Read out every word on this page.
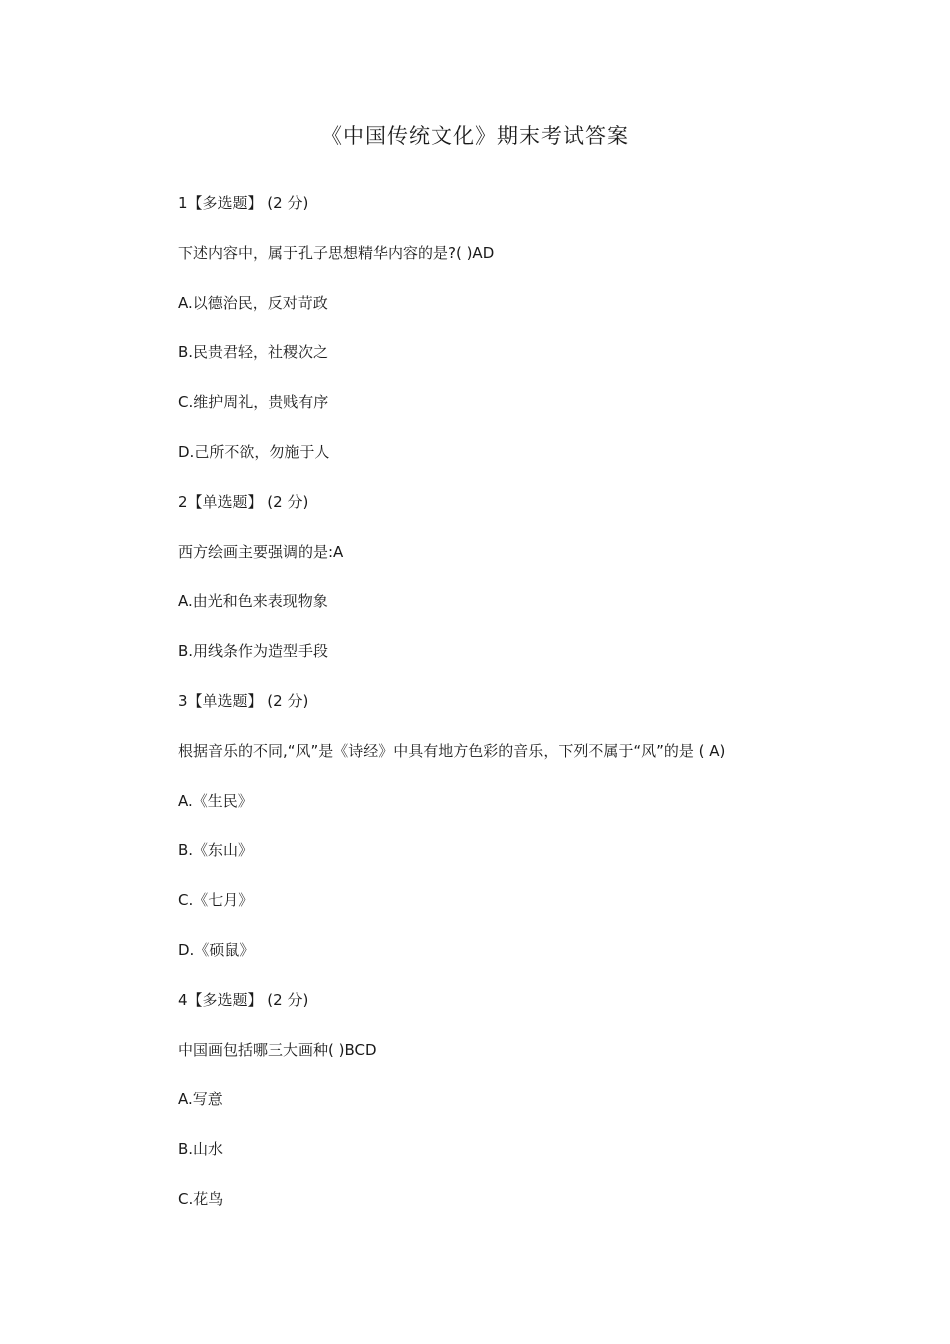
《中国传统文化》期末考试答案
1【多选题】 (2 分)
下述内容中，属于孔子思想精华内容的是?( )AD
A.以德治民，反对苛政
B.民贵君轻，社稷次之
C.维护周礼，贵贱有序
D.己所不欲，勿施于人
2【单选题】 (2 分)
西方绘画主要强调的是:A
A.由光和色来表现物象
B.用线条作为造型手段
3【单选题】 (2 分)
根据音乐的不同,“风”是《诗经》中具有地方色彩的音乐，下列不属于“风”的是 ( A)
A.《生民》
B.《东山》
C.《七月》
D.《硕鼠》
4【多选题】 (2 分)
中国画包括哪三大画种( )BCD
A.写意
B.山水
C.花鸟
